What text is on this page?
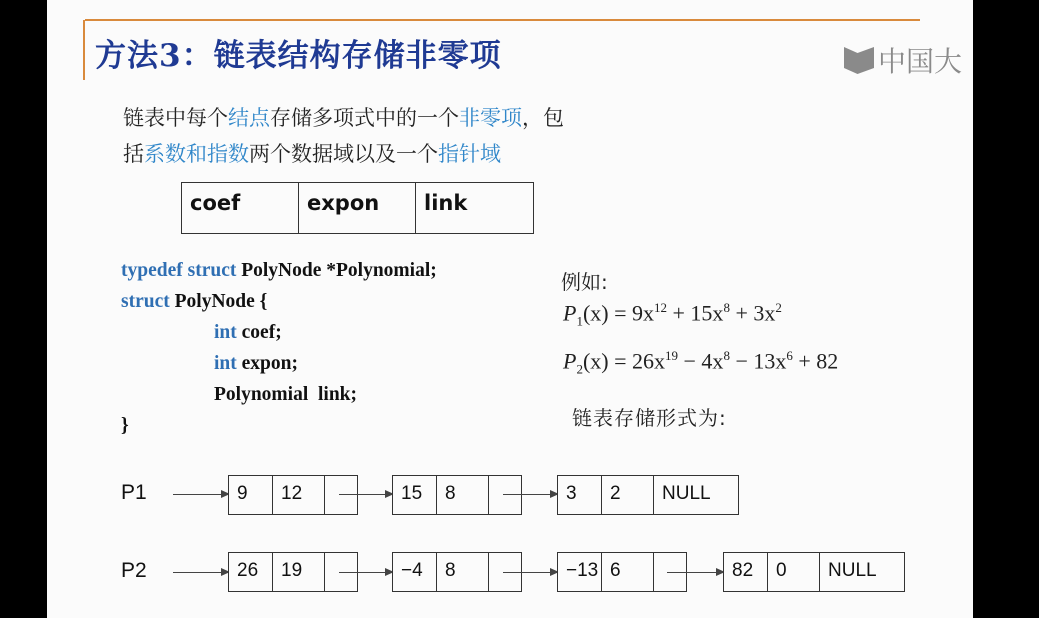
方法3：链表结构存储非零项
链表中每个结点存储多项式中的一个非零项，包
括系数和指数两个数据域以及一个指针域
coef	expon	link
typedef struct PolyNode *Polynomial;
struct PolyNode {
int coef;
int expon;
Polynomial  link;
}
例如:
$P_1(x) = 9x^{12} + 15x^8 + 3x^2$
$P_2(x) = 26x^{19} - 4x^8 - 13x^6 + 82$
链表存储形式为:
P1	9	12	15	8	3	2	NULL
P2	26	19	−4	8	−13 6	82	0	NULL
中国大
